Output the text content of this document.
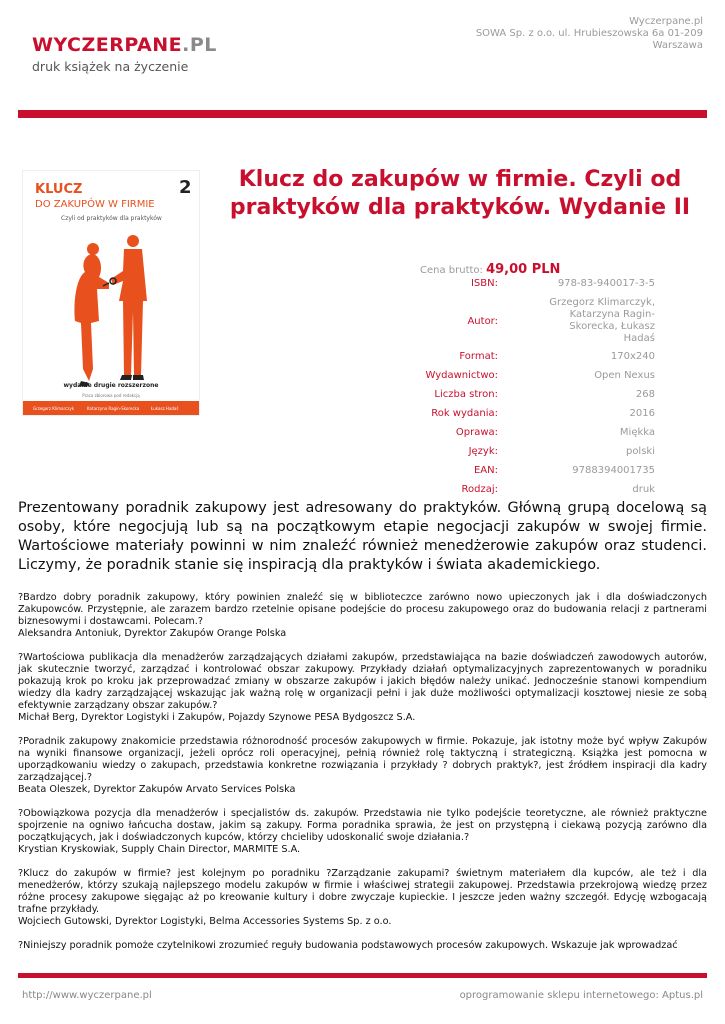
WYCZERPANE.PL
druk książek na życzenie
Wyczerpane.pl
SOWA Sp. z o.o. ul. Hrubieszowska 6a 01-209
Warszawa
KLUCZ	2
DO ZAKUPÓW W FIRMIE
Czyli od praktyków dla praktyków
wydanie drugie rozszerzone
Praca zbiorowa pod redakcją
Grzegorz Klimarczyk	Katarzyna Ragin-Skorecka	Łukasz Hadaś
Klucz do zakupów w firmie. Czyli od praktyków dla praktyków. Wydanie II
Cena brutto: 49,00 PLN
ISBN:	978-83-940017-3-5
Autor:
Grzegorz Klimarczyk, Katarzyna Ragin-Skorecka, Łukasz Hadaś
Format:	170x240
Wydawnictwo:	Open Nexus
Liczba stron:	268
Rok wydania:	2016
Oprawa:	Miękka
Język:	polski
EAN:	9788394001735
Rodzaj:	druk
Prezentowany poradnik zakupowy jest adresowany do praktyków. Główną grupą docelową są osoby, które negocjują lub są na początkowym etapie negocjacji zakupów w swojej firmie. Wartościowe materiały powinni w nim znaleźć również menedżerowie zakupów oraz studenci. Liczymy, że poradnik stanie się inspiracją dla praktyków i świata akademickiego.

?Bardzo dobry poradnik zakupowy, który powinien znaleźć się w biblioteczce zarówno nowo upieczonych jak i dla doświadczonych Zakupowców. Przystępnie, ale zarazem bardzo rzetelnie opisane podejście do procesu zakupowego oraz do budowania relacji z partnerami biznesowymi i dostawcami. Polecam.?
Aleksandra Antoniuk, Dyrektor Zakupów Orange Polska

?Wartościowa publikacja dla menadżerów zarządzających działami zakupów, przedstawiająca na bazie doświadczeń zawodowych autorów, jak skutecznie tworzyć, zarządzać i kontrolować obszar zakupowy. Przykłady działań optymalizacyjnych zaprezentowanych w poradniku pokazują krok po kroku jak przeprowadzać zmiany w obszarze zakupów i jakich błędów należy unikać. Jednocześnie stanowi kompendium wiedzy dla kadry zarządzającej wskazując jak ważną rolę w organizacji pełni i jak duże możliwości optymalizacji kosztowej niesie ze sobą efektywnie zarządzany obszar zakupów.?
Michał Berg, Dyrektor Logistyki i Zakupów, Pojazdy Szynowe PESA Bydgoszcz S.A.

?Poradnik zakupowy znakomicie przedstawia różnorodność procesów zakupowych w firmie. Pokazuje, jak istotny może być wpływ Zakupów na wyniki finansowe organizacji, jeżeli oprócz roli operacyjnej, pełnią również rolę taktyczną i strategiczną. Książka jest pomocna w uporządkowaniu wiedzy o zakupach, przedstawia konkretne rozwiązania i przykłady ? dobrych praktyk?, jest źródłem inspiracji dla kadry zarządzającej.?
Beata Oleszek, Dyrektor Zakupów Arvato Services Polska

?Obowiązkowa pozycja dla menadżerów i specjalistów ds. zakupów. Przedstawia nie tylko podejście teoretyczne, ale również praktyczne spojrzenie na ogniwo łańcucha dostaw, jakim są zakupy. Forma poradnika sprawia, że jest on przystępną i ciekawą pozycją zarówno dla początkujących, jak i doświadczonych kupców, którzy chcieliby udoskonalić swoje działania.?
Krystian Kryskowiak, Supply Chain Director, MARMITE S.A.

?Klucz do zakupów w firmie? jest kolejnym po poradniku ?Zarządzanie zakupami? świetnym materiałem dla kupców, ale też i dla menedżerów, którzy szukają najlepszego modelu zakupów w firmie i właściwej strategii zakupowej. Przedstawia przekrojową wiedzę przez różne procesy zakupowe sięgając aż po kreowanie kultury i dobre zwyczaje kupieckie. I jeszcze jeden ważny szczegół. Edycję wzbogacają trafne przykłady.
Wojciech Gutowski, Dyrektor Logistyki, Belma Accessories Systems Sp. z o.o.

?Niniejszy poradnik pomoże czytelnikowi zrozumieć reguły budowania podstawowych procesów zakupowych. Wskazuje jak wprowadzać

http://www.wyczerpane.pl	oprogramowanie sklepu internetowego: Aptus.pl
